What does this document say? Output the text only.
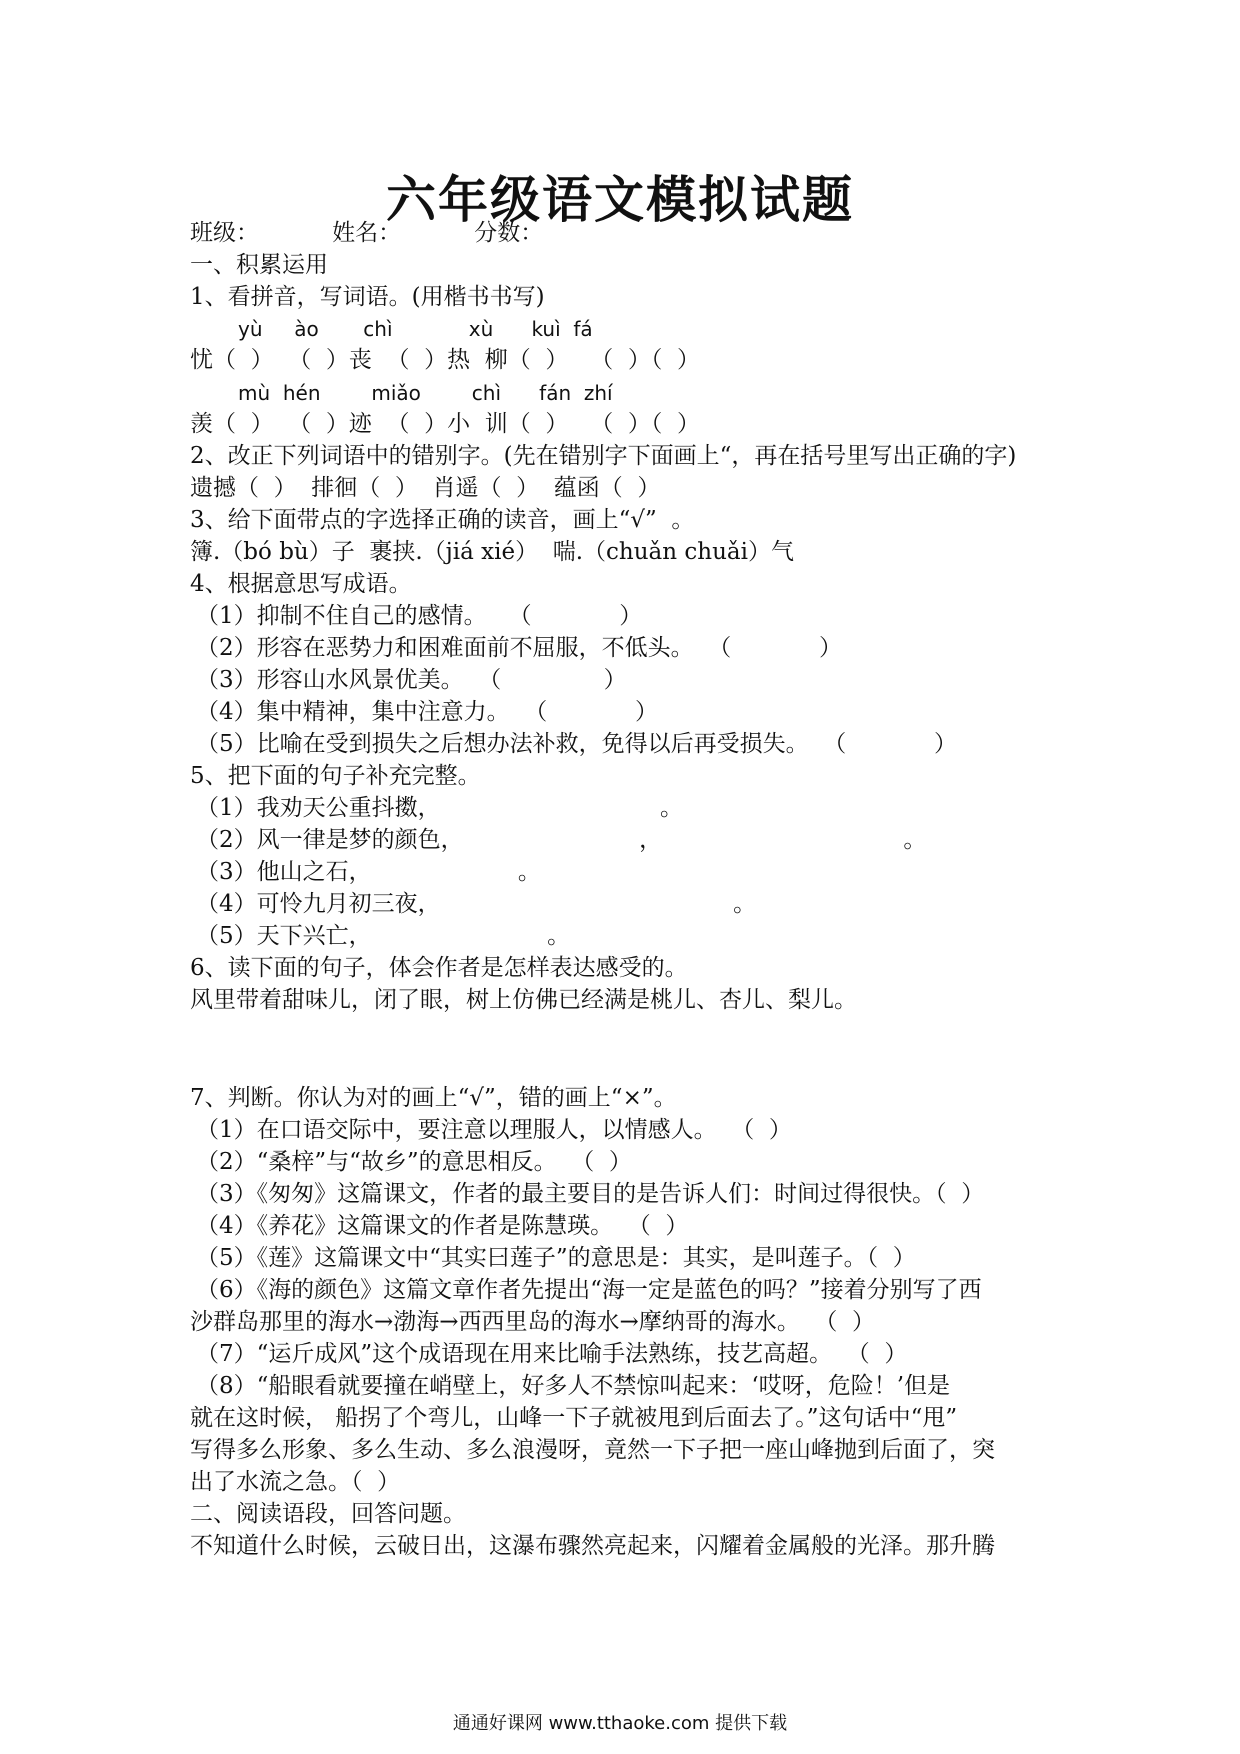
六年级语文模拟试题
班级：          姓名：          分数：
一、积累运用
1、看拼音，写词语。(用楷书书写)
yù     ào       chì            xù      kuì  fá
忧（  ）  （  ）丧  （  ）热  柳（  ）   （  ）（  ）
mù  hén        miǎo        chì      fán  zhí
羡（  ）  （  ）迹  （  ）小  训（  ）   （  ）（  ）
2、改正下列词语中的错别字。(先在错别字下面画上“，再在括号里写出正确的字)
遗撼（  ）  排徊（  ）  肖遥（  ）  蕴函（  ）
3、给下面带点的字选择正确的读音，画上“√”  。
簿.（bó bù）子  裹挟.（jiá xié）  喘.（chuǎn chuǎi）气
4、根据意思写成语。
（1）抑制不住自己的感情。   （            ）
（2）形容在恶势力和困难面前不屈服，不低头。  （            ）
（3）形容山水风景优美。  （              ）
（4）集中精神，集中注意力。  （            ）
（5）比喻在受到损失之后想办法补救，免得以后再受损失。  （            ）
5、把下面的句子补充完整。
（1）我劝天公重抖擞，                              。
（2）风一律是梦的颜色，                        ，                                 。
（3）他山之石，                    。
（4）可怜九月初三夜，                                        。
（5）天下兴亡，                        。
6、读下面的句子，体会作者是怎样表达感受的。
风里带着甜味儿，闭了眼，树上仿佛已经满是桃儿、杏儿、梨儿。
7、判断。你认为对的画上“√”，错的画上“×”。
（1）在口语交际中，要注意以理服人，以情感人。  （  ）
（2）“桑梓”与“故乡”的意思相反。  （  ）
（3）《匆匆》这篇课文，作者的最主要目的是告诉人们：时间过得很快。（  ）
（4）《养花》这篇课文的作者是陈慧瑛。  （  ）
（5）《莲》这篇课文中“其实曰莲子”的意思是：其实，是叫莲子。（  ）
（6）《海的颜色》这篇文章作者先提出“海一定是蓝色的吗？”接着分别写了西
沙群岛那里的海水→渤海→西西里岛的海水→摩纳哥的海水。  （  ）
（7）“运斤成风”这个成语现在用来比喻手法熟练，技艺高超。  （  ）
（8）“船眼看就要撞在峭壁上，好多人不禁惊叫起来：‘哎呀，危险！’但是
就在这时候， 船拐了个弯儿，山峰一下子就被甩到后面去了。”这句话中“甩”
写得多么形象、多么生动、多么浪漫呀，竟然一下子把一座山峰抛到后面了，突
出了水流之急。（  ）
二、阅读语段，回答问题。
不知道什么时候，云破日出，这瀑布骤然亮起来，闪耀着金属般的光泽。那升腾
通通好课网 www.tthaoke.com 提供下载
